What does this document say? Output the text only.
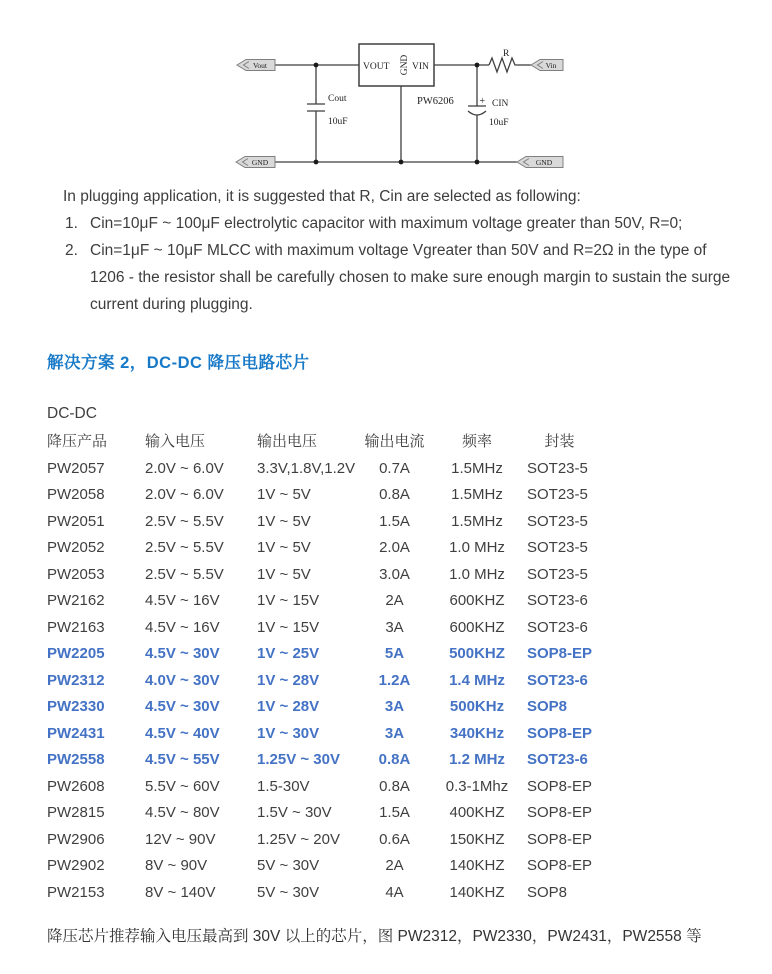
VOUT GND VIN
PW6206
Cout
10uF
+ CIN
10uF
R
Vout	Vin
GND	GND
In plugging application, it is suggested that R, Cin are selected as following:
1. Cin=10μF ~ 100μF electrolytic capacitor with maximum voltage greater than 50V, R=0;
2. Cin=1μF ~ 10μF MLCC with maximum voltage Vgreater than 50V and R=2Ω in the type of 1206 - the resistor shall be carefully chosen to make sure enough margin to sustain the surge current during plugging.
解决方案 2，DC-DC 降压电路芯片
DC-DC
降压产品	输入电压	输出电压	输出电流	频率	封装
PW2057	2.0V ~ 6.0V	3.3V,1.8V,1.2V	0.7A	1.5MHz	SOT23-5
PW2058	2.0V ~ 6.0V	1V ~ 5V	0.8A	1.5MHz	SOT23-5
PW2051	2.5V ~ 5.5V	1V ~ 5V	1.5A	1.5MHz	SOT23-5
PW2052	2.5V ~ 5.5V	1V ~ 5V	2.0A	1.0 MHz	SOT23-5
PW2053	2.5V ~ 5.5V	1V ~ 5V	3.0A	1.0 MHz	SOT23-5
PW2162	4.5V ~ 16V	1V ~ 15V	2A	600KHZ	SOT23-6
PW2163	4.5V ~ 16V	1V ~ 15V	3A	600KHZ	SOT23-6
PW2205	4.5V ~ 30V	1V ~ 25V	5A	500KHZ	SOP8-EP
PW2312	4.0V ~ 30V	1V ~ 28V	1.2A	1.4 MHz	SOT23-6
PW2330	4.5V ~ 30V	1V ~ 28V	3A	500KHz	SOP8
PW2431	4.5V ~ 40V	1V ~ 30V	3A	340KHz	SOP8-EP
PW2558	4.5V ~ 55V	1.25V ~ 30V	0.8A	1.2 MHz	SOT23-6
PW2608	5.5V ~ 60V	1.5-30V	0.8A	0.3-1Mhz	SOP8-EP
PW2815	4.5V ~ 80V	1.5V ~ 30V	1.5A	400KHZ	SOP8-EP
PW2906	12V ~ 90V	1.25V ~ 20V	0.6A	150KHZ	SOP8-EP
PW2902	8V ~ 90V	5V ~ 30V	2A	140KHZ	SOP8-EP
PW2153	8V ~ 140V	5V ~ 30V	4A	140KHZ	SOP8
降压芯片推荐输入电压最高到 30V 以上的芯片，图 PW2312，PW2330，PW2431，PW2558 等
